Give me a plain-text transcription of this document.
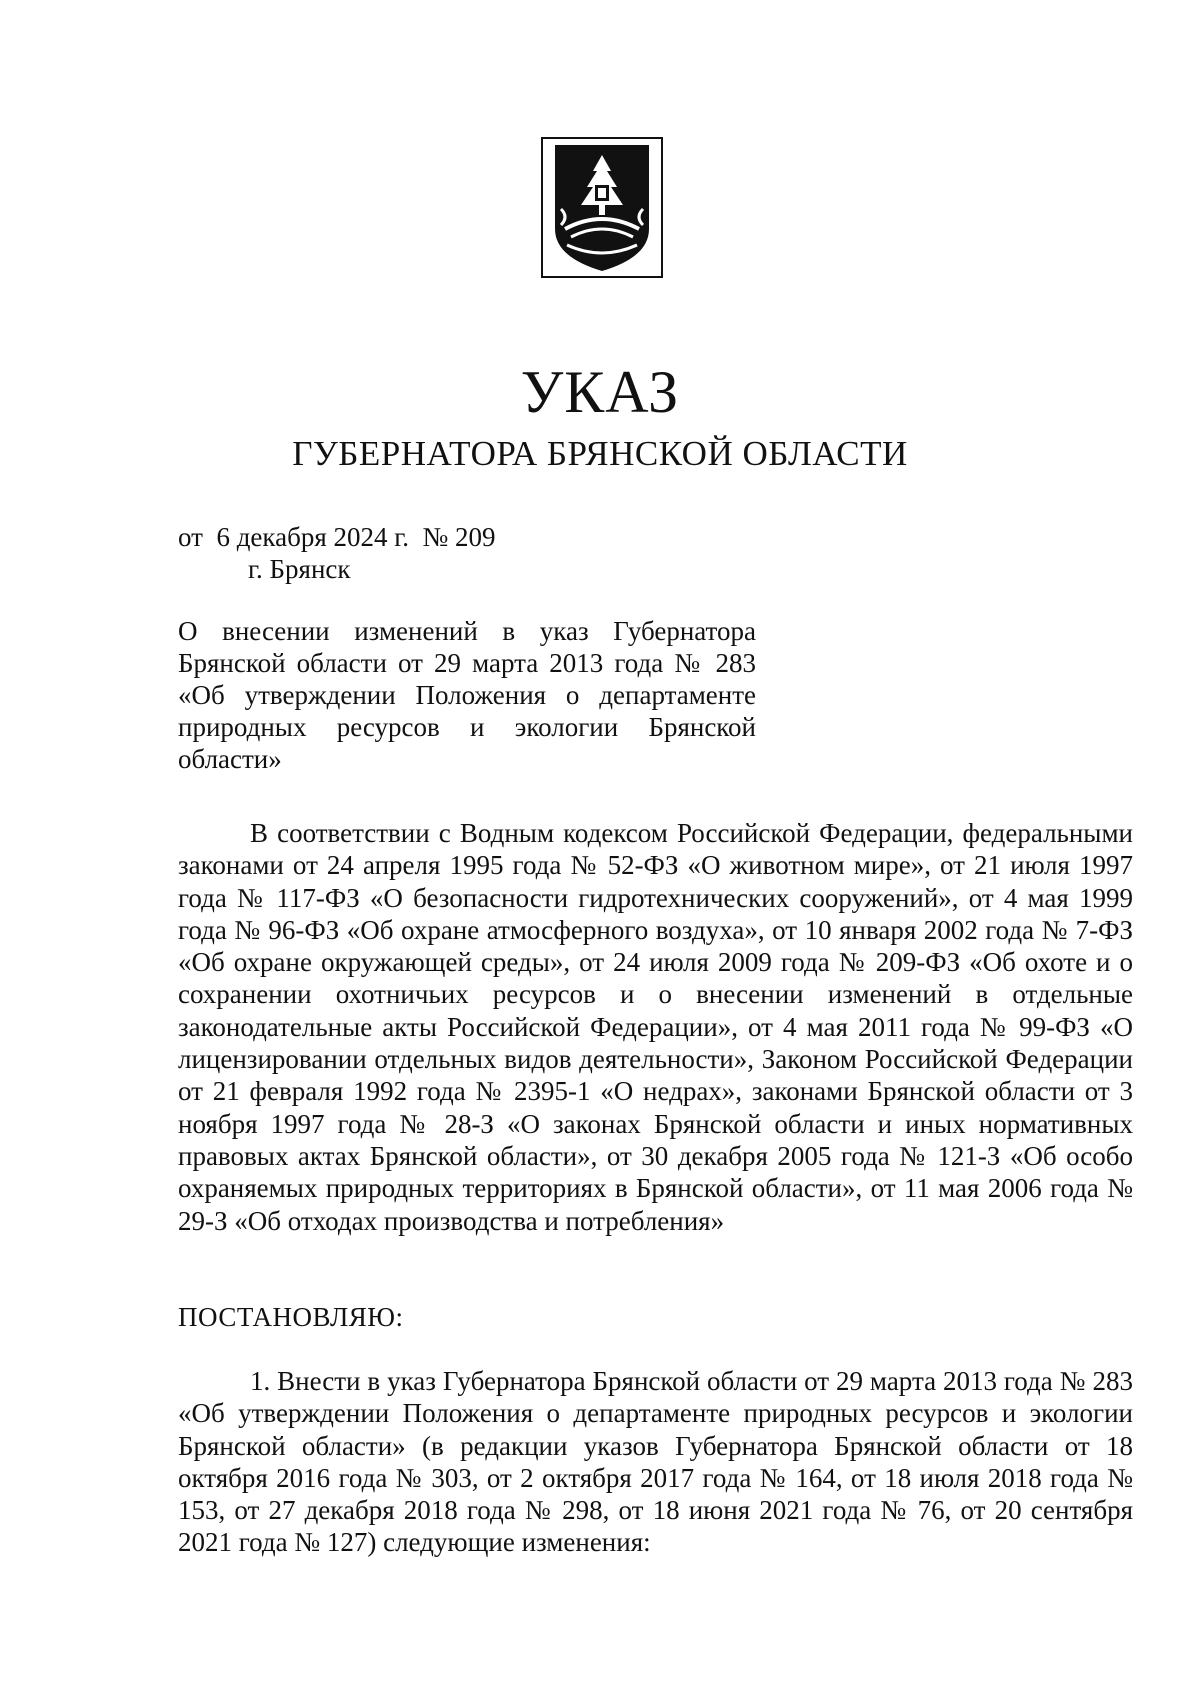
УКАЗ
ГУБЕРНАТОРА БРЯНСКОЙ ОБЛАСТИ
от  6 декабря 2024 г.  № 209
г. Брянск
О внесении изменений в указ Губернатора Брянской области от 29 марта 2013 года № 283 «Об утверждении Положения о департаменте природных ресурсов и экологии Брянской области»
В соответствии с Водным кодексом Российской Федерации, федеральными законами от 24 апреля 1995 года № 52-ФЗ «О животном мире», от 21 июля 1997 года № 117-ФЗ «О безопасности гидротехнических сооружений», от 4 мая 1999 года № 96-ФЗ «Об охране атмосферного воздуха», от 10 января 2002 года № 7-ФЗ «Об охране окружающей среды», от 24 июля 2009 года № 209-ФЗ «Об охоте и о сохранении охотничьих ресурсов и о внесении изменений в отдельные законодательные акты Российской Федерации», от 4 мая 2011 года № 99-ФЗ «О лицензировании отдельных видов деятельности», Законом Российской Федерации от 21 февраля 1992 года № 2395-1 «О недрах», законами Брянской области от 3 ноября 1997 года № 28-З «О законах Брянской области и иных нормативных правовых актах Брянской области», от 30 декабря 2005 года № 121-З «Об особо охраняемых природных территориях в Брянской области», от 11 мая 2006 года № 29-З «Об отходах производства и потребления»
ПОСТАНОВЛЯЮ:
1. Внести в указ Губернатора Брянской области от 29 марта 2013 года № 283 «Об утверждении Положения о департаменте природных ресурсов и экологии Брянской области» (в редакции указов Губернатора Брянской области от 18 октября 2016 года № 303, от 2 октября 2017 года № 164, от 18 июля 2018 года № 153, от 27 декабря 2018 года № 298, от 18 июня 2021 года № 76, от 20 сентября 2021 года № 127) следующие изменения:
